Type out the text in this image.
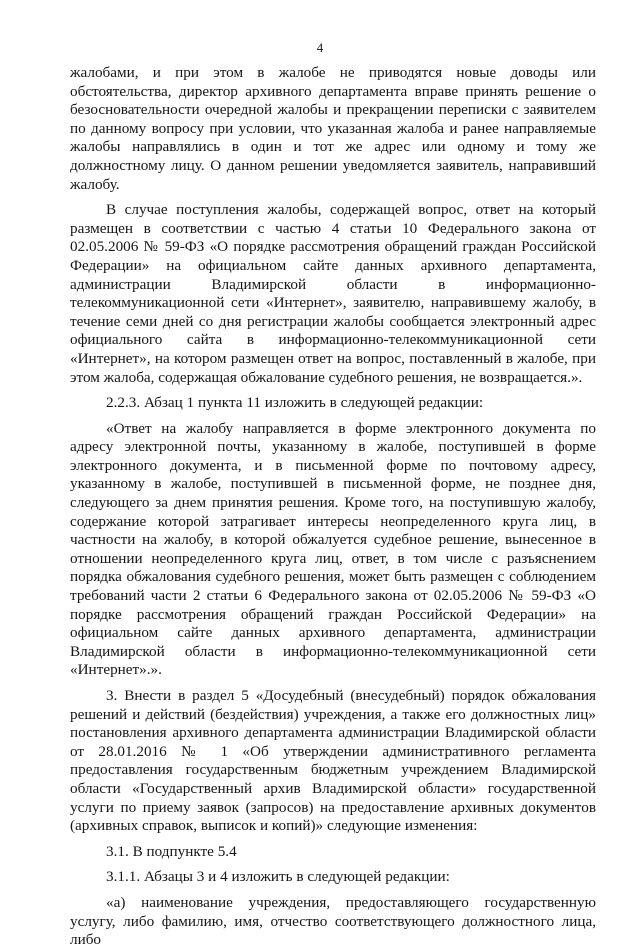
4

жалобами, и при этом в жалобе не приводятся новые доводы или обстоятельства, директор архивного департамента вправе принять решение о безосновательности очередной жалобы и прекращении переписки с заявителем по данному вопросу при условии, что указанная жалоба и ранее направляемые жалобы направлялись в один и тот же адрес или одному и тому же должностному лицу. О данном решении уведомляется заявитель, направивший жалобу.

В случае поступления жалобы, содержащей вопрос, ответ на который размещен в соответствии с частью 4 статьи 10 Федерального закона от 02.05.2006 № 59-ФЗ «О порядке рассмотрения обращений граждан Российской Федерации» на официальном сайте данных архивного департамента, администрации Владимирской области в информационно-телекоммуникационной сети «Интернет», заявителю, направившему жалобу, в течение семи дней со дня регистрации жалобы сообщается электронный адрес официального сайта в информационно-телекоммуникационной сети «Интернет», на котором размещен ответ на вопрос, поставленный в жалобе, при этом жалоба, содержащая обжалование судебного решения, не возвращается.».

2.2.3. Абзац 1 пункта 11 изложить в следующей редакции:

«Ответ на жалобу направляется в форме электронного документа по адресу электронной почты, указанному в жалобе, поступившей в форме электронного документа, и в письменной форме по почтовому адресу, указанному в жалобе, поступившей в письменной форме, не позднее дня, следующего за днем принятия решения. Кроме того, на поступившую жалобу, содержание которой затрагивает интересы неопределенного круга лиц, в частности на жалобу, в которой обжалуется судебное решение, вынесенное в отношении неопределенного круга лиц, ответ, в том числе с разъяснением порядка обжалования судебного решения, может быть размещен с соблюдением требований части 2 статьи 6 Федерального закона от 02.05.2006 № 59-ФЗ «О порядке рассмотрения обращений граждан Российской Федерации» на официальном сайте данных архивного департамента, администрации Владимирской области в информационно-телекоммуникационной сети «Интернет».».

3. Внести в раздел 5 «Досудебный (внесудебный) порядок обжалования решений и действий (бездействия) учреждения, а также его должностных лиц» постановления архивного департамента администрации Владимирской области от 28.01.2016 № 1 «Об утверждении административного регламента предоставления государственным бюджетным учреждением Владимирской области «Государственный архив Владимирской области» государственной услуги по приему заявок (запросов) на предоставление архивных документов (архивных справок, выписок и копий)» следующие изменения:

3.1. В подпункте 5.4

3.1.1. Абзацы 3 и 4 изложить в следующей редакции:

«а) наименование учреждения, предоставляющего государственную услугу, либо фамилию, имя, отчество соответствующего должностного лица, либо
